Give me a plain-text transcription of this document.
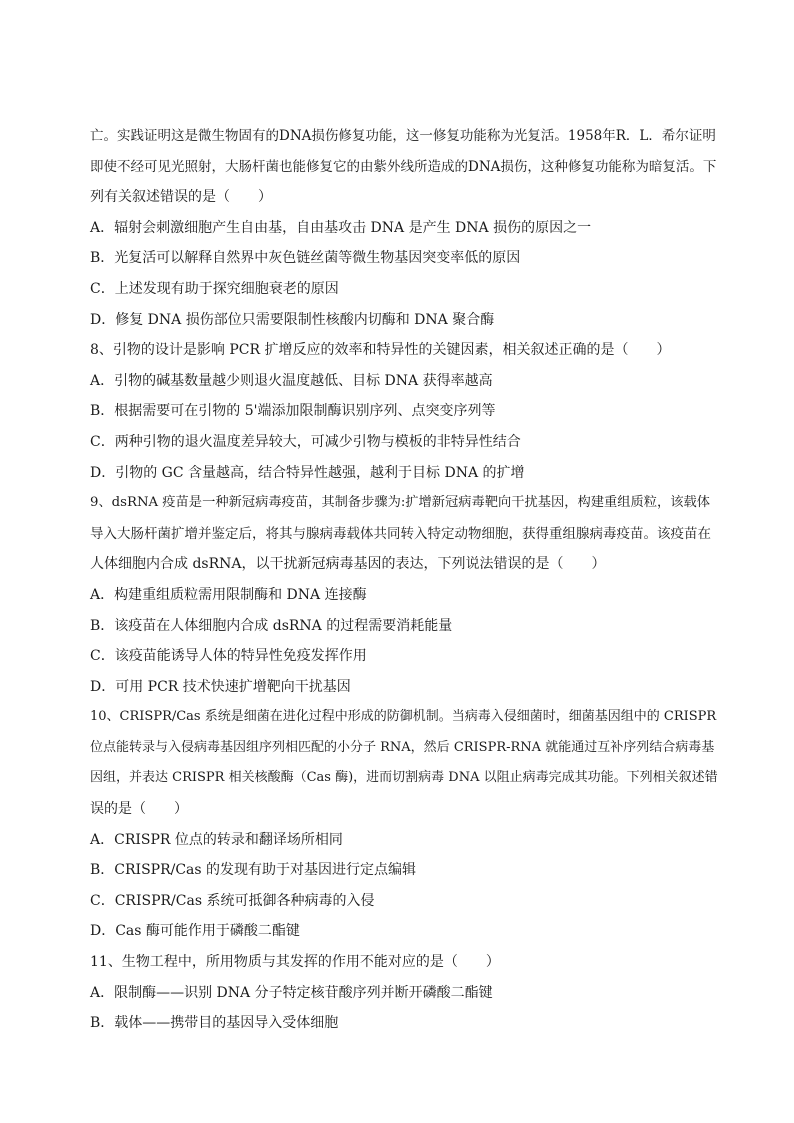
亡。实践证明这是微生物固有的DNA损伤修复功能，这一修复功能称为光复活。1958年R．L．希尔证明
即使不经可见光照射，大肠杆菌也能修复它的由紫外线所造成的DNA损伤，这种修复功能称为暗复活。下
列有关叙述错误的是（　　）
A．辐射会刺激细胞产生自由基，自由基攻击 DNA 是产生 DNA 损伤的原因之一
B．光复活可以解释自然界中灰色链丝菌等微生物基因突变率低的原因
C．上述发现有助于探究细胞衰老的原因
D．修复 DNA 损伤部位只需要限制性核酸内切酶和 DNA 聚合酶
8、引物的设计是影响 PCR 扩增反应的效率和特异性的关键因素，相关叙述正确的是（　　）
A．引物的碱基数量越少则退火温度越低、目标 DNA 获得率越高
B．根据需要可在引物的 5'端添加限制酶识别序列、点突变序列等
C．两种引物的退火温度差异较大，可减少引物与模板的非特异性结合
D．引物的 GC 含量越高，结合特异性越强，越利于目标 DNA 的扩增
9、dsRNA 疫苗是一种新冠病毒疫苗，其制备步骤为:扩增新冠病毒靶向干扰基因，构建重组质粒，该载体
导入大肠杆菌扩增并鉴定后，将其与腺病毒载体共同转入特定动物细胞，获得重组腺病毒疫苗。该疫苗在
人体细胞内合成 dsRNA，以干扰新冠病毒基因的表达，下列说法错误的是（　　）
A．构建重组质粒需用限制酶和 DNA 连接酶
B．该疫苗在人体细胞内合成 dsRNA 的过程需要消耗能量
C．该疫苗能诱导人体的特异性免疫发挥作用
D．可用 PCR 技术快速扩增靶向干扰基因
10、CRISPR/Cas 系统是细菌在进化过程中形成的防御机制。当病毒入侵细菌时，细菌基因组中的 CRISPR
位点能转录与入侵病毒基因组序列相匹配的小分子 RNA，然后 CRISPR-RNA 就能通过互补序列结合病毒基
因组，并表达 CRISPR 相关核酸酶（Cas 酶)，进而切割病毒 DNA 以阻止病毒完成其功能。下列相关叙述错
误的是（　　）
A．CRISPR 位点的转录和翻译场所相同
B．CRISPR/Cas 的发现有助于对基因进行定点编辑
C．CRISPR/Cas 系统可抵御各种病毒的入侵
D．Cas 酶可能作用于磷酸二酯键
11、生物工程中，所用物质与其发挥的作用不能对应的是（　　）
A．限制酶——识别 DNA 分子特定核苷酸序列并断开磷酸二酯键
B．载体——携带目的基因导入受体细胞
